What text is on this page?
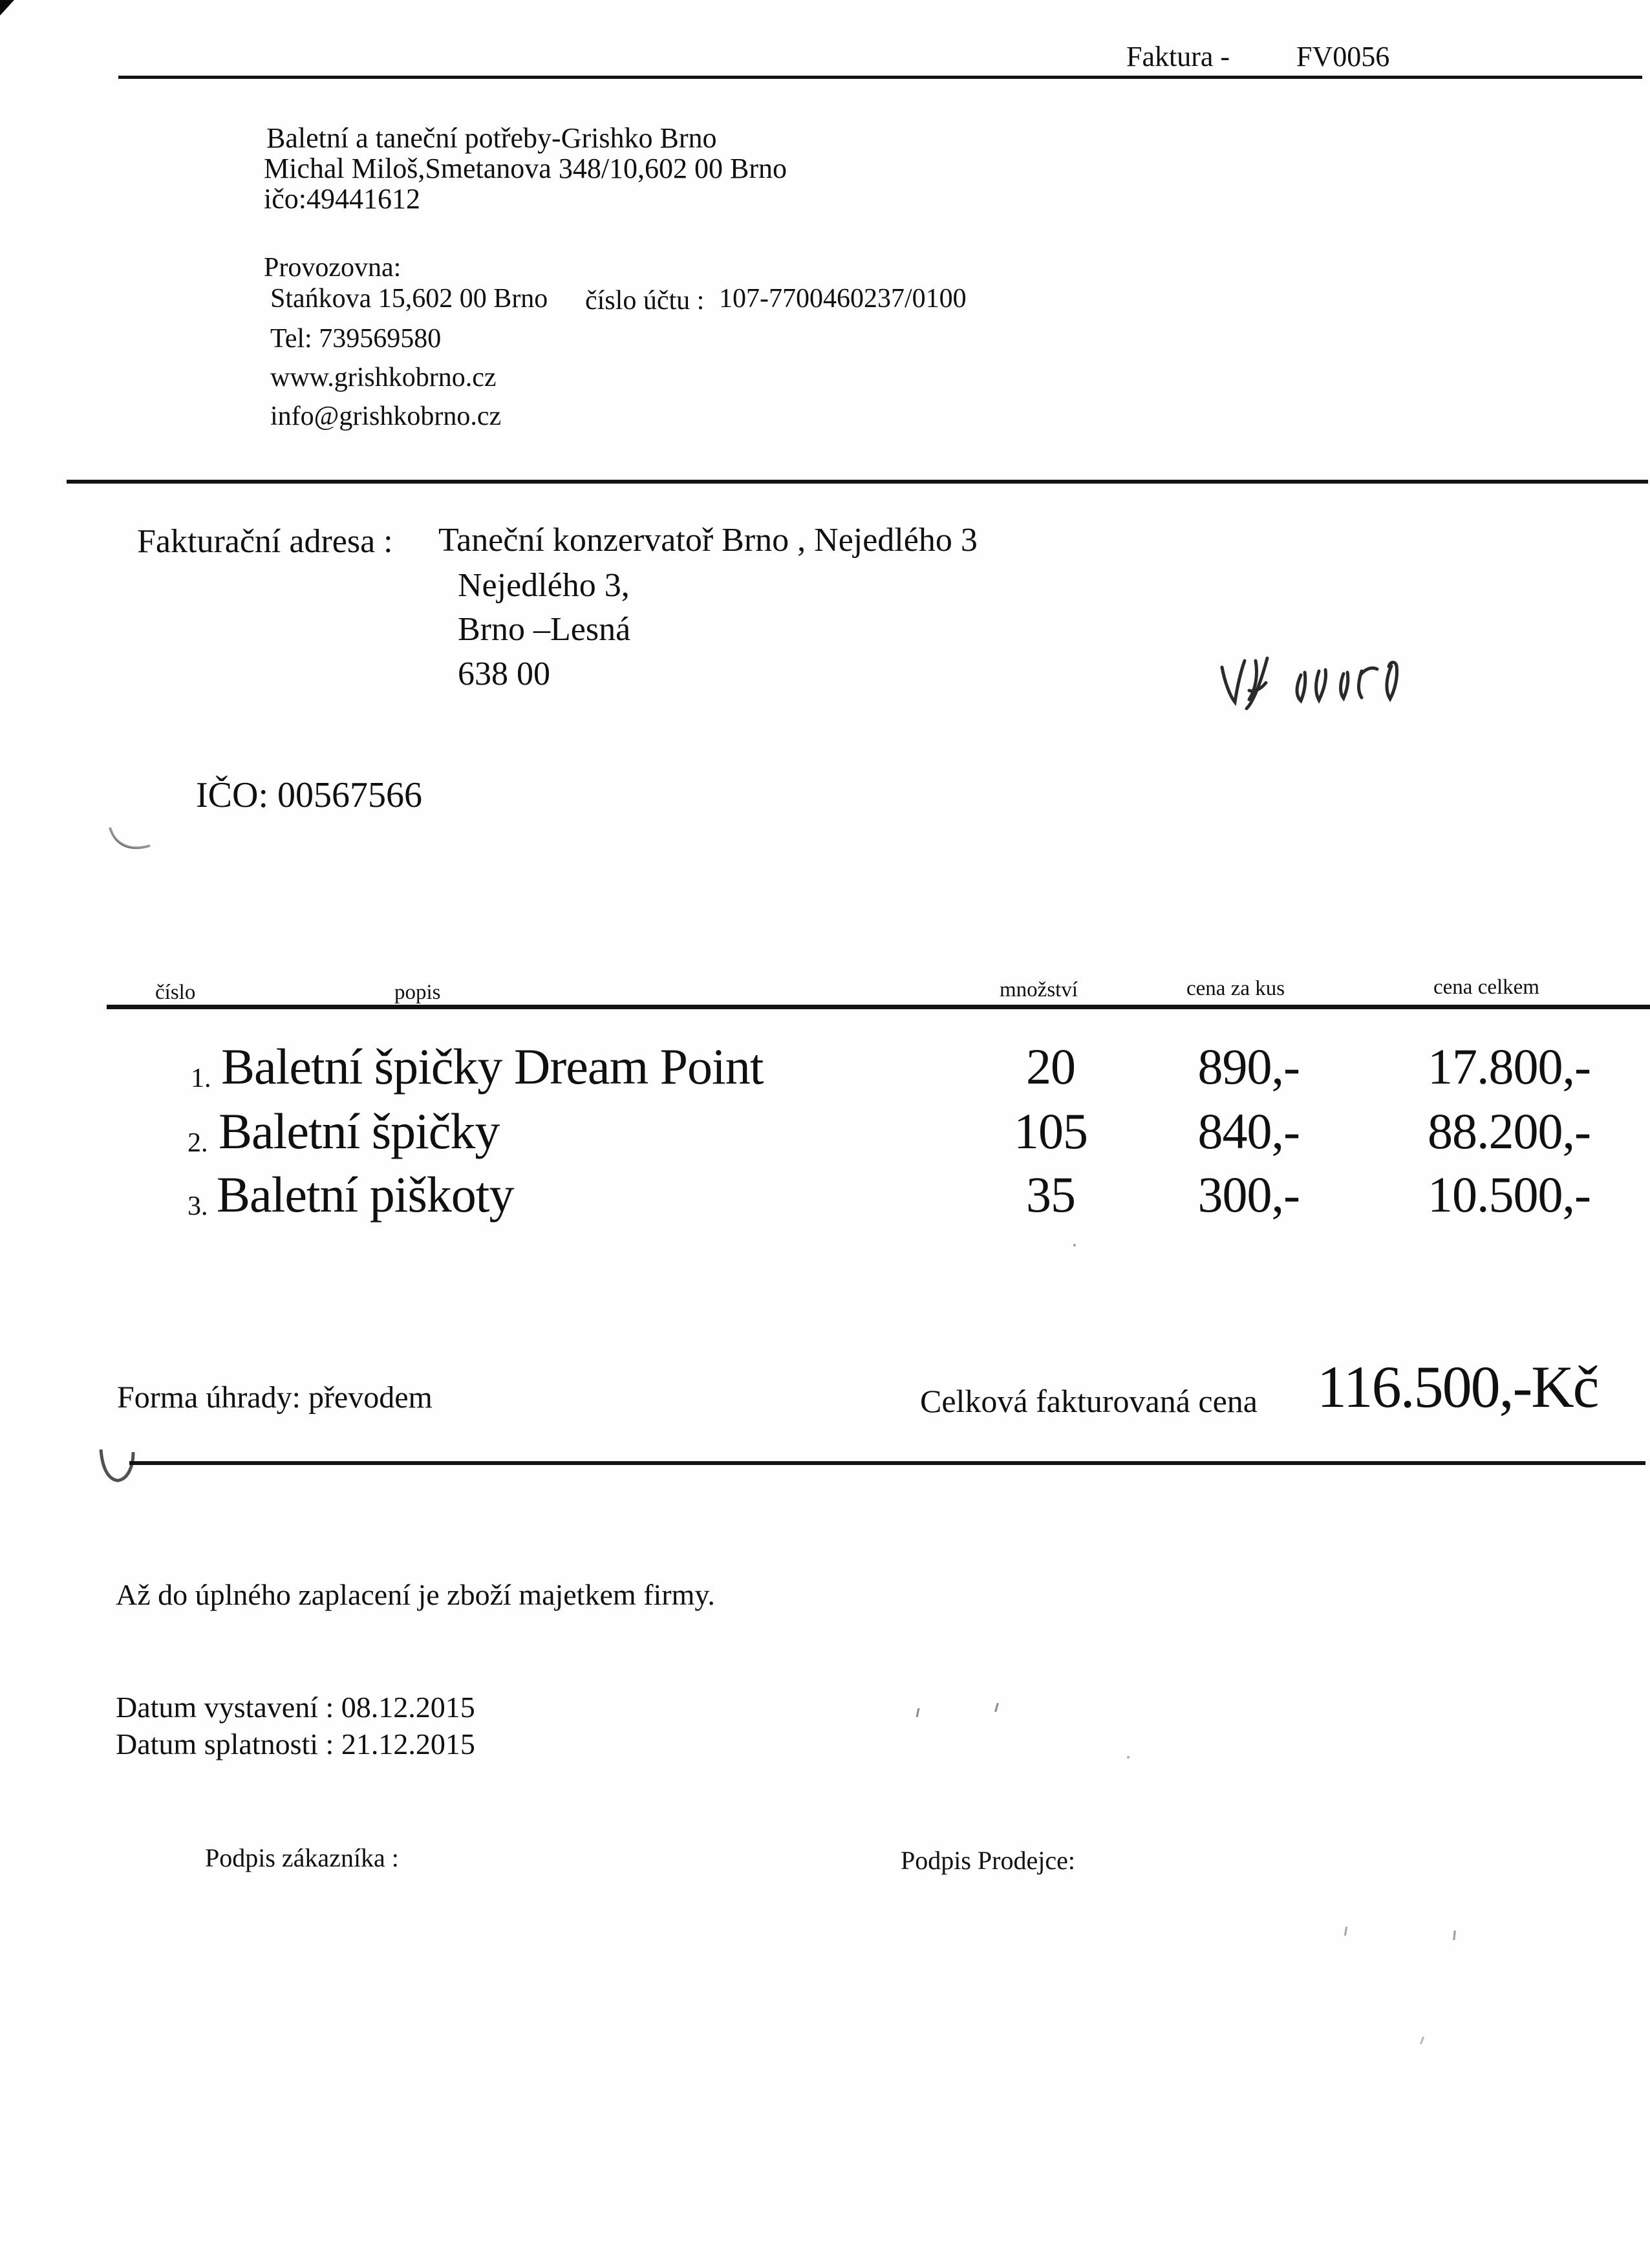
Faktura - FV0056
Baletní a taneční potřeby-Grishko Brno
Michal Miloš,Smetanova 348/10,602 00 Brno
ičo:49441612
Provozovna:
Stańkova 15,602 00 Brno číslo účtu : 107-7700460237/0100
Tel: 739569580
www.grishkobrno.cz
info@grishkobrno.cz
Fakturační adresa : Taneční konzervatoř Brno , Nejedlého 3
Nejedlého 3,
Brno –Lesná
638 00
IČO: 00567566
číslo	popis	množství	cena za kus	cena celkem
1. Baletní špičky Dream Point	20	890,-	17.800,-
2. Baletní špičky	105	840,-	88.200,-
3. Baletní piškoty	35	300,-	10.500,-
Forma úhrady: převodem	Celková fakturovaná cena 116.500,-Kč
Až do úplného zaplacení je zboží majetkem firmy.
Datum vystavení : 08.12.2015
Datum splatnosti : 21.12.2015
Podpis zákazníka :	Podpis Prodejce:
